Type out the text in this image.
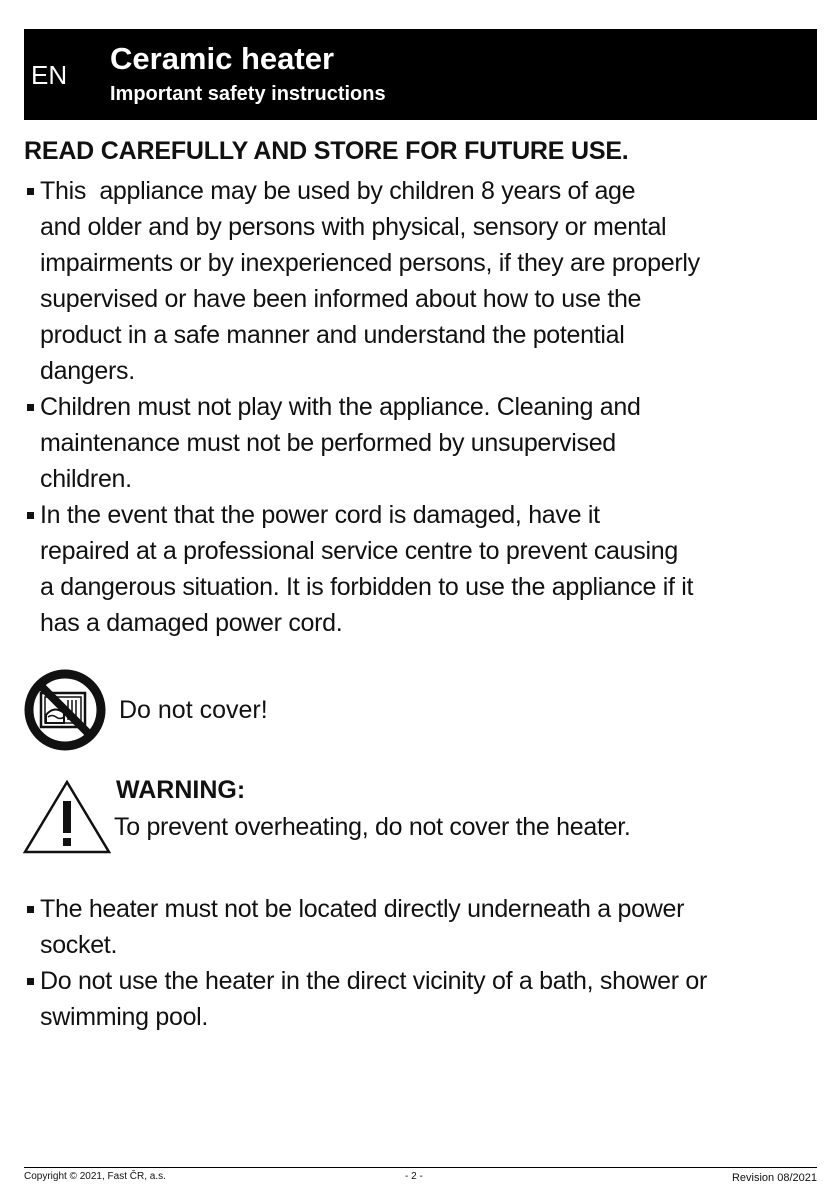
EN Ceramic heater
Important safety instructions
READ CAREFULLY AND STORE FOR FUTURE USE.
This  appliance may be used by children 8 years of age
and older and by persons with physical, sensory or mental
impairments or by inexperienced persons, if they are properly
supervised or have been informed about how to use the
product in a safe manner and understand the potential
dangers.
Children must not play with the appliance. Cleaning and
maintenance must not be performed by unsupervised
children.
In the event that the power cord is damaged, have it
repaired at a professional service centre to prevent causing
a dangerous situation. It is forbidden to use the appliance if it
has a damaged power cord.
Do not cover!
WARNING:
To prevent overheating, do not cover the heater.
The heater must not be located directly underneath a power
socket.
Do not use the heater in the direct vicinity of a bath, shower or
swimming pool.
Copyright © 2021, Fast ČR, a.s.	- 2 -	Revision 08/2021
